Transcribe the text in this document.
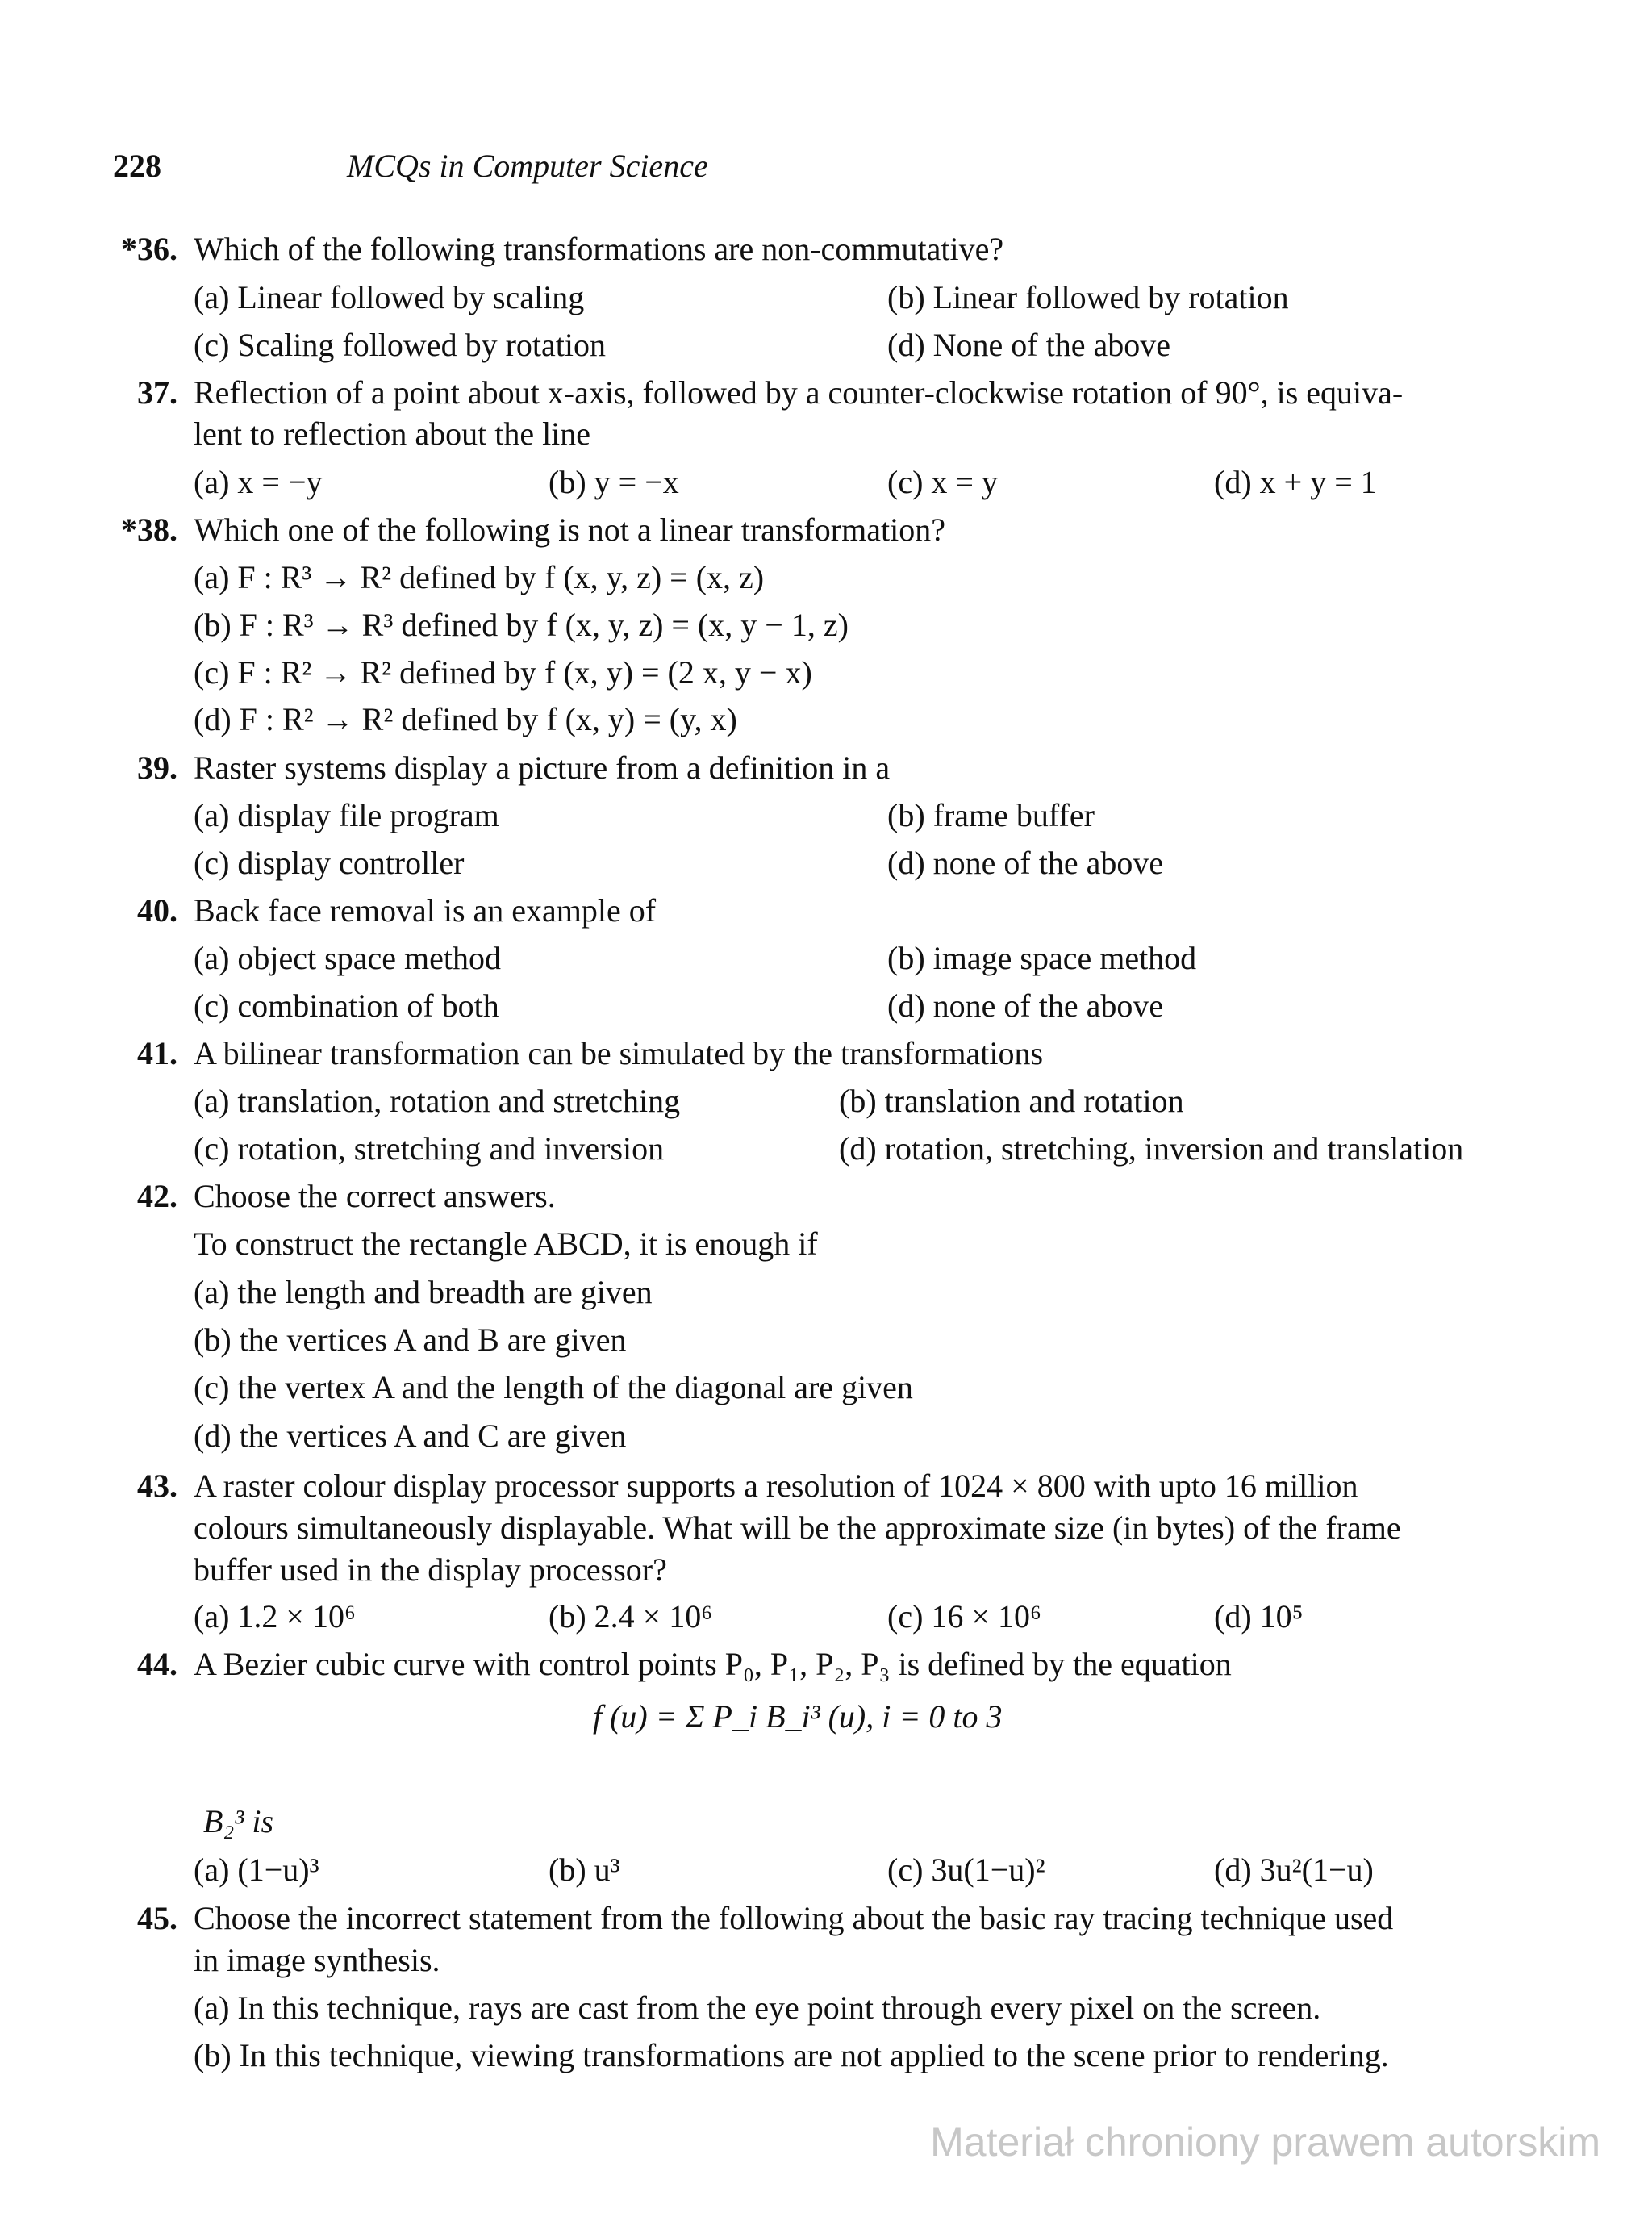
228	MCQs in Computer Science
*36. Which of the following transformations are non-commutative?
(a) Linear followed by scaling	(b) Linear followed by rotation
(c) Scaling followed by rotation	(d) None of the above
37. Reflection of a point about x-axis, followed by a counter-clockwise rotation of 90°, is equiva-
lent to reflection about the line
(a) x = −y	(b) y = −x	(c) x = y	(d) x + y = 1
*38. Which one of the following is not a linear transformation?
(a) F : R³ → R² defined by f (x, y, z) = (x, z)
(b) F : R³ → R³ defined by f (x, y, z) = (x, y − 1, z)
(c) F : R² → R² defined by f (x, y) = (2 x, y − x)
(d) F : R² → R² defined by f (x, y) = (y, x)
39. Raster systems display a picture from a definition in a
(a) display file program	(b) frame buffer
(c) display controller	(d) none of the above
40. Back face removal is an example of
(a) object space method	(b) image space method
(c) combination of both	(d) none of the above
41. A bilinear transformation can be simulated by the transformations
(a) translation, rotation and stretching	(b) translation and rotation
(c) rotation, stretching and inversion	(d) rotation, stretching, inversion and translation
42. Choose the correct answers.
To construct the rectangle ABCD, it is enough if
(a) the length and breadth are given
(b) the vertices A and B are given
(c) the vertex A and the length of the diagonal are given
(d) the vertices A and C are given
43. A raster colour display processor supports a resolution of 1024 × 800 with upto 16 million
colours simultaneously displayable. What will be the approximate size (in bytes) of the frame
buffer used in the display processor?
(a) 1.2 × 10⁶	(b) 2.4 × 10⁶	(c) 16 × 10⁶	(d) 10⁵
44. A Bezier cubic curve with control points P₀, P₁, P₂, P₃ is defined by the equation
f (u) = Σ P_i B_i³ (u), i = 0 to 3
B₂³ is
(a) (1−u)³	(b) u³	(c) 3u(1−u)²	(d) 3u²(1−u)
45. Choose the incorrect statement from the following about the basic ray tracing technique used
in image synthesis.
(a) In this technique, rays are cast from the eye point through every pixel on the screen.
(b) In this technique, viewing transformations are not applied to the scene prior to rendering.
Materiał chroniony prawem autorskim
